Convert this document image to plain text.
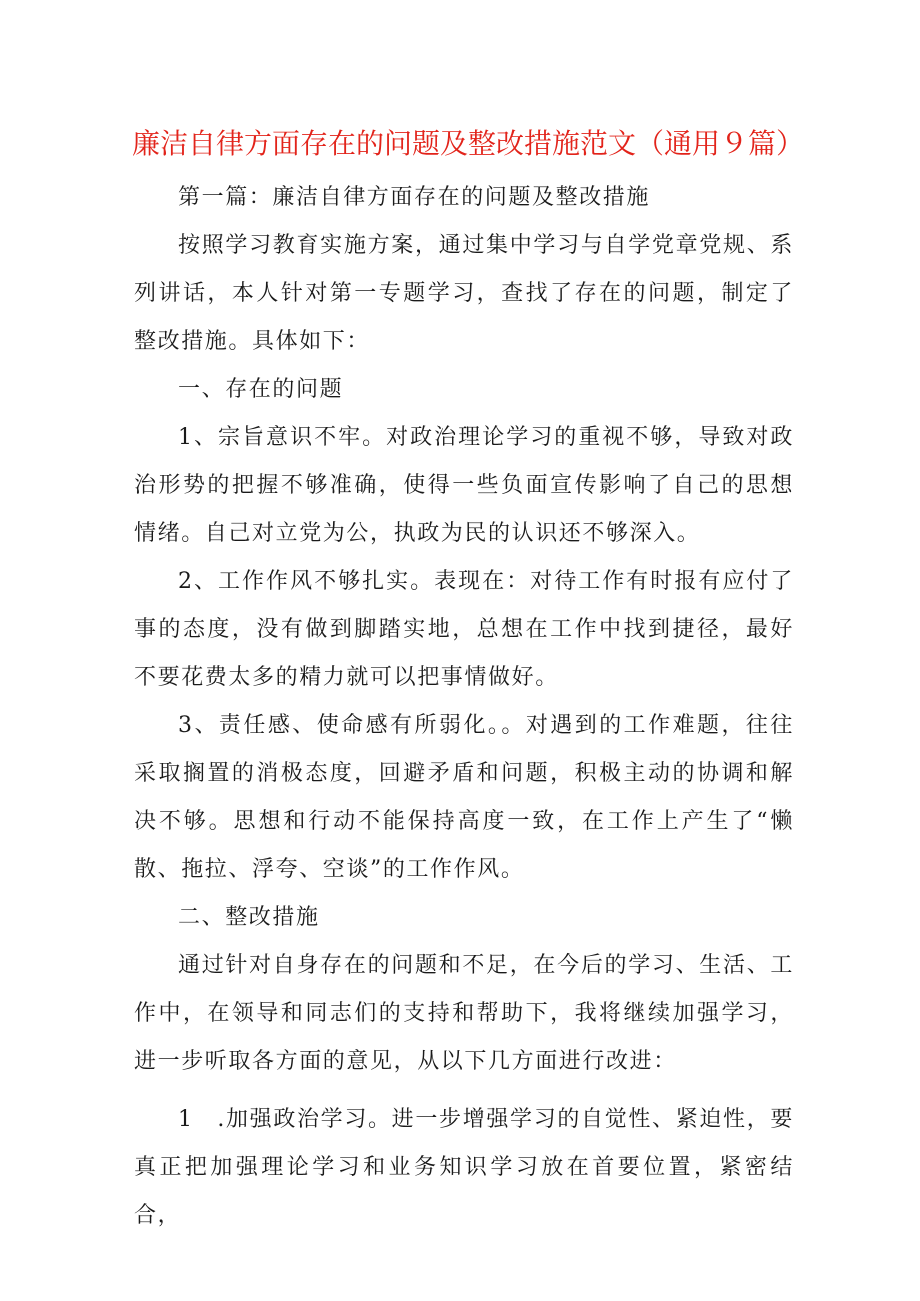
廉洁自律方面存在的问题及整改措施范文（通用９篇）

第一篇：廉洁自律方面存在的问题及整改措施

按照学习教育实施方案，通过集中学习与自学党章党规、系列讲话，本人针对第一专题学习，查找了存在的问题，制定了整改措施。具体如下：

一、存在的问题

1、宗旨意识不牢。对政治理论学习的重视不够，导致对政治形势的把握不够准确，使得一些负面宣传影响了自己的思想情绪。自己对立党为公，执政为民的认识还不够深入。

2、工作作风不够扎实。表现在：对待工作有时报有应付了事的态度，没有做到脚踏实地，总想在工作中找到捷径，最好不要花费太多的精力就可以把事情做好。

3、责任感、使命感有所弱化。。对遇到的工作难题，往往采取搁置的消极态度，回避矛盾和问题，积极主动的协调和解决不够。思想和行动不能保持高度一致，在工作上产生了“懒散、拖拉、浮夸、空谈”的工作作风。

二、整改措施

通过针对自身存在的问题和不足，在今后的学习、生活、工作中，在领导和同志们的支持和帮助下，我将继续加强学习，进一步听取各方面的意见，从以下几方面进行改进：

1　.加强政治学习。进一步增强学习的自觉性、紧迫性，要真正把加强理论学习和业务知识学习放在首要位置，紧密结合，
